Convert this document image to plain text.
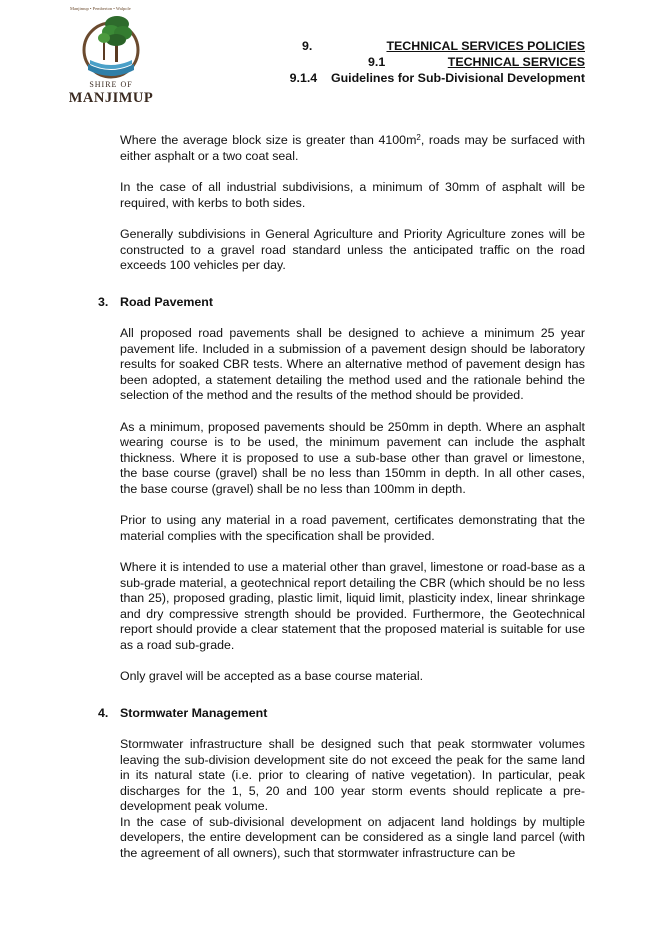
Manjimup • Pemberton • Walpole
SHIRE OF
MANJIMUP
9.	TECHNICAL SERVICES POLICIES
9.1	TECHNICAL SERVICES
9.1.4    Guidelines for Sub-Divisional Development

Where the average block size is greater than $4100m^2$, roads may be surfaced with either asphalt or a two coat seal.

In the case of all industrial subdivisions, a minimum of 30mm of asphalt will be required, with kerbs to both sides.

Generally subdivisions in General Agriculture and Priority Agriculture zones will be constructed to a gravel road standard unless the anticipated traffic on the road exceeds 100 vehicles per day.

3. Road Pavement

All proposed road pavements shall be designed to achieve a minimum 25 year pavement life. Included in a submission of a pavement design should be laboratory results for soaked CBR tests. Where an alternative method of pavement design has been adopted, a statement detailing the method used and the rationale behind the selection of the method and the results of the method should be provided.

As a minimum, proposed pavements should be 250mm in depth. Where an asphalt wearing course is to be used, the minimum pavement can include the asphalt thickness. Where it is proposed to use a sub-base other than gravel or limestone, the base course (gravel) shall be no less than 150mm in depth. In all other cases, the base course (gravel) shall be no less than 100mm in depth.

Prior to using any material in a road pavement, certificates demonstrating that the material complies with the specification shall be provided.

Where it is intended to use a material other than gravel, limestone or road-base as a sub-grade material, a geotechnical report detailing the CBR (which should be no less than 25), proposed grading, plastic limit, liquid limit, plasticity index, linear shrinkage and dry compressive strength should be provided. Furthermore, the Geotechnical report should provide a clear statement that the proposed material is suitable for use as a road sub-grade.

Only gravel will be accepted as a base course material.

4. Stormwater Management

Stormwater infrastructure shall be designed such that peak stormwater volumes leaving the sub-division development site do not exceed the peak for the same land in its natural state (i.e. prior to clearing of native vegetation). In particular, peak discharges for the 1, 5, 20 and 100 year storm events should replicate a pre-development peak volume.

In the case of sub-divisional development on adjacent land holdings by multiple developers, the entire development can be considered as a single land parcel (with the agreement of all owners), such that stormwater infrastructure can be
